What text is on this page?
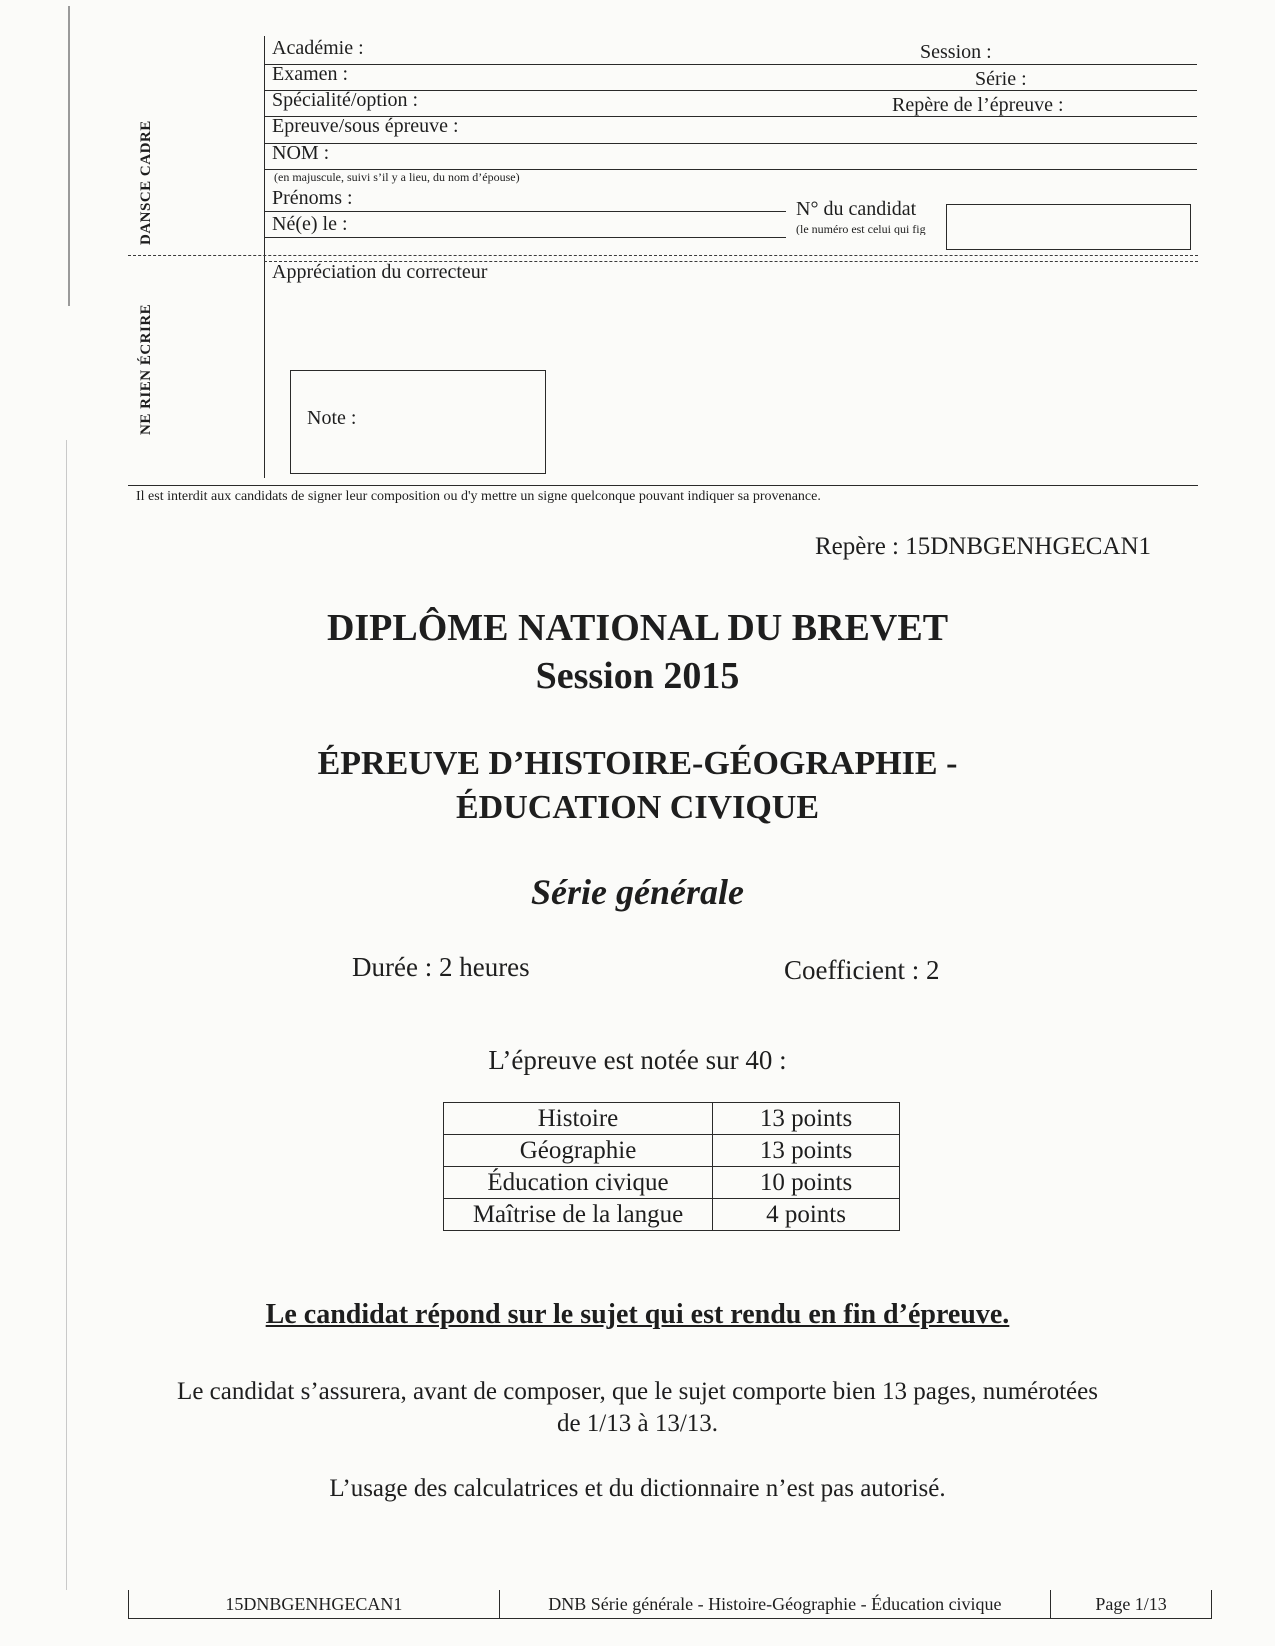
Académie :	Session :
Examen :	Série :
Spécialité/option :	Repère de l’épreuve :
Epreuve/sous épreuve :
NOM :
(en majuscule, suivi s’il y a lieu, du nom d’épouse)
Prénoms :
Né(e) le :
N° du candidat
(le numéro est celui qui fig
DANSCE CADRE
NE RIEN ÉCRIRE
Appréciation du correcteur
Note :
Il est interdit aux candidats de signer leur composition ou d'y mettre un signe quelconque pouvant indiquer sa provenance.
Repère : 15DNBGENHGECAN1
DIPLÔME NATIONAL DU BREVET
Session 2015
ÉPREUVE D’HISTOIRE-GÉOGRAPHIE -
ÉDUCATION CIVIQUE
Série générale
Durée : 2 heures	Coefficient : 2
L’épreuve est notée sur 40 :
Histoire	13 points
Géographie	13 points
Éducation civique	10 points
Maîtrise de la langue	4 points
Le candidat répond sur le sujet qui est rendu en fin d’épreuve.
Le candidat s’assurera, avant de composer, que le sujet comporte bien 13 pages, numérotées
de 1/13 à 13/13.
L’usage des calculatrices et du dictionnaire n’est pas autorisé.
15DNBGENHGECAN1	DNB Série générale - Histoire-Géographie - Éducation civique	Page 1/13
